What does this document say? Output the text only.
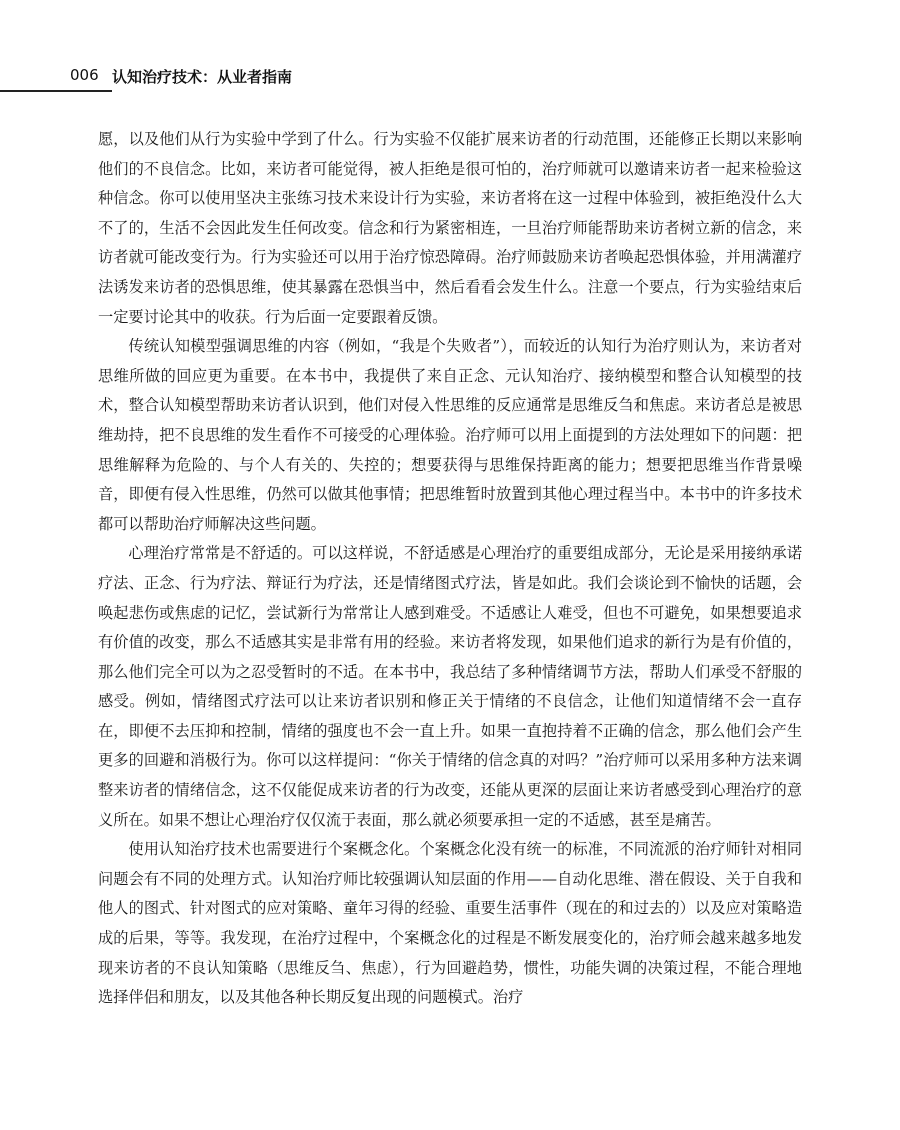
006 认知治疗技术：从业者指南

愿，以及他们从行为实验中学到了什么。行为实验不仅能扩展来访者的行动范围，还能修正长期以来影响他们的不良信念。比如，来访者可能觉得，被人拒绝是很可怕的，治疗师就可以邀请来访者一起来检验这种信念。你可以使用坚决主张练习技术来设计行为实验，来访者将在这一过程中体验到，被拒绝没什么大不了的，生活不会因此发生任何改变。信念和行为紧密相连，一旦治疗师能帮助来访者树立新的信念，来访者就可能改变行为。行为实验还可以用于治疗惊恐障碍。治疗师鼓励来访者唤起恐惧体验，并用满灌疗法诱发来访者的恐惧思维，使其暴露在恐惧当中，然后看看会发生什么。注意一个要点，行为实验结束后一定要讨论其中的收获。行为后面一定要跟着反馈。

传统认知模型强调思维的内容（例如，“我是个失败者”），而较近的认知行为治疗则认为，来访者对思维所做的回应更为重要。在本书中，我提供了来自正念、元认知治疗、接纳模型和整合认知模型的技术，整合认知模型帮助来访者认识到，他们对侵入性思维的反应通常是思维反刍和焦虑。来访者总是被思维劫持，把不良思维的发生看作不可接受的心理体验。治疗师可以用上面提到的方法处理如下的问题：把思维解释为危险的、与个人有关的、失控的；想要获得与思维保持距离的能力；想要把思维当作背景噪音，即便有侵入性思维，仍然可以做其他事情；把思维暂时放置到其他心理过程当中。本书中的许多技术都可以帮助治疗师解决这些问题。

心理治疗常常是不舒适的。可以这样说，不舒适感是心理治疗的重要组成部分，无论是采用接纳承诺疗法、正念、行为疗法、辩证行为疗法，还是情绪图式疗法，皆是如此。我们会谈论到不愉快的话题，会唤起悲伤或焦虑的记忆，尝试新行为常常让人感到难受。不适感让人难受，但也不可避免，如果想要追求有价值的改变，那么不适感其实是非常有用的经验。来访者将发现，如果他们追求的新行为是有价值的，那么他们完全可以为之忍受暂时的不适。在本书中，我总结了多种情绪调节方法，帮助人们承受不舒服的感受。例如，情绪图式疗法可以让来访者识别和修正关于情绪的不良信念，让他们知道情绪不会一直存在，即便不去压抑和控制，情绪的强度也不会一直上升。如果一直抱持着不正确的信念，那么他们会产生更多的回避和消极行为。你可以这样提问：“你关于情绪的信念真的对吗？”治疗师可以采用多种方法来调整来访者的情绪信念，这不仅能促成来访者的行为改变，还能从更深的层面让来访者感受到心理治疗的意义所在。如果不想让心理治疗仅仅流于表面，那么就必须要承担一定的不适感，甚至是痛苦。

使用认知治疗技术也需要进行个案概念化。个案概念化没有统一的标准，不同流派的治疗师针对相同问题会有不同的处理方式。认知治疗师比较强调认知层面的作用——自动化思维、潜在假设、关于自我和他人的图式、针对图式的应对策略、童年习得的经验、重要生活事件（现在的和过去的）以及应对策略造成的后果，等等。我发现，在治疗过程中，个案概念化的过程是不断发展变化的，治疗师会越来越多地发现来访者的不良认知策略（思维反刍、焦虑），行为回避趋势，惯性，功能失调的决策过程，不能合理地选择伴侣和朋友，以及其他各种长期反复出现的问题模式。治疗
